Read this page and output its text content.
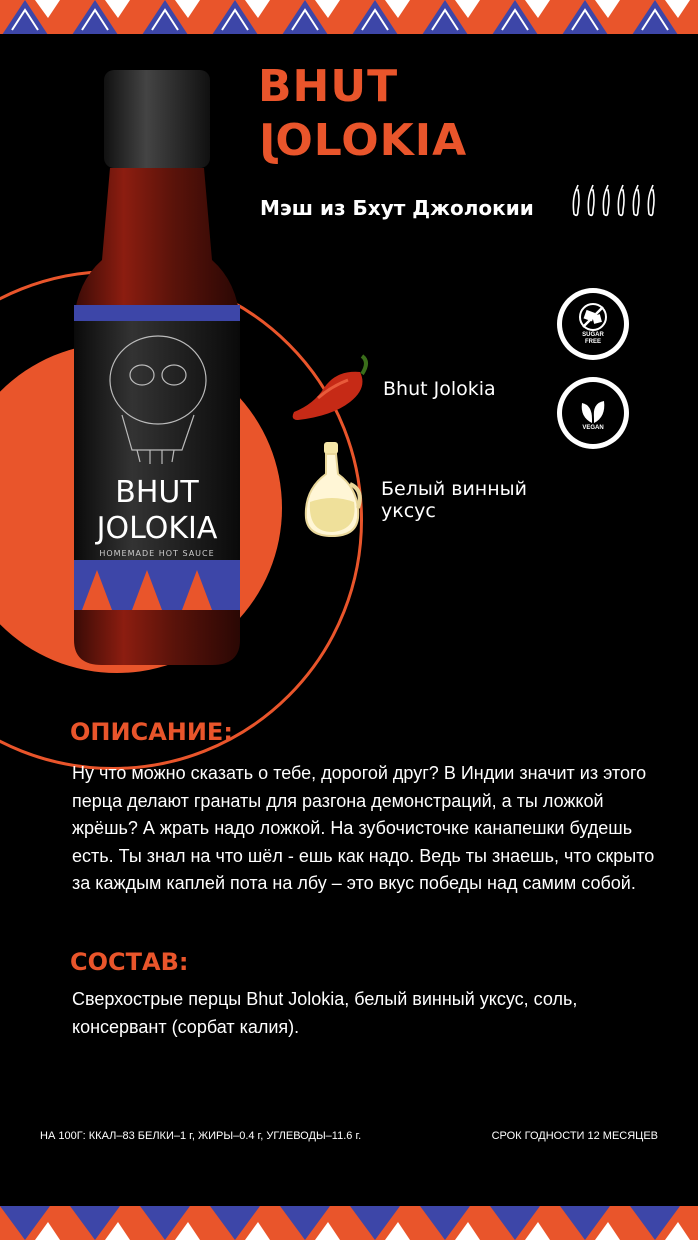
BHUT
JOLOKIA
HOMEMADE HOT SAUCE
BHUT
JOLOKIA
Мэш из Бхут Джолокии
SUGAR
FREE
VEGAN
Bhut Jolokia
Белый винный
уксус
ОПИСАНИЕ:

Ну что можно сказать о тебе, дорогой друг? В Индии значит из этого перца делают гранаты для разгона демонстраций, а ты ложкой жрёшь? А жрать надо ложкой. На зубочисточке канапешки будешь есть. Ты знал на что шёл - ешь как надо. Ведь ты знаешь, что скрыто за каждым каплей пота на лбу – это вкус победы над самим собой.

СОСТАВ:

Сверхострые перцы Bhut Jolokia, белый винный уксус, соль, консервант (сорбат калия).

НА 100Г: ККАЛ–83 БЕЛКИ–1 г, ЖИРЫ–0.4 г, УГЛЕВОДЫ–11.6 г.	СРОК ГОДНОСТИ 12 МЕСЯЦЕВ
